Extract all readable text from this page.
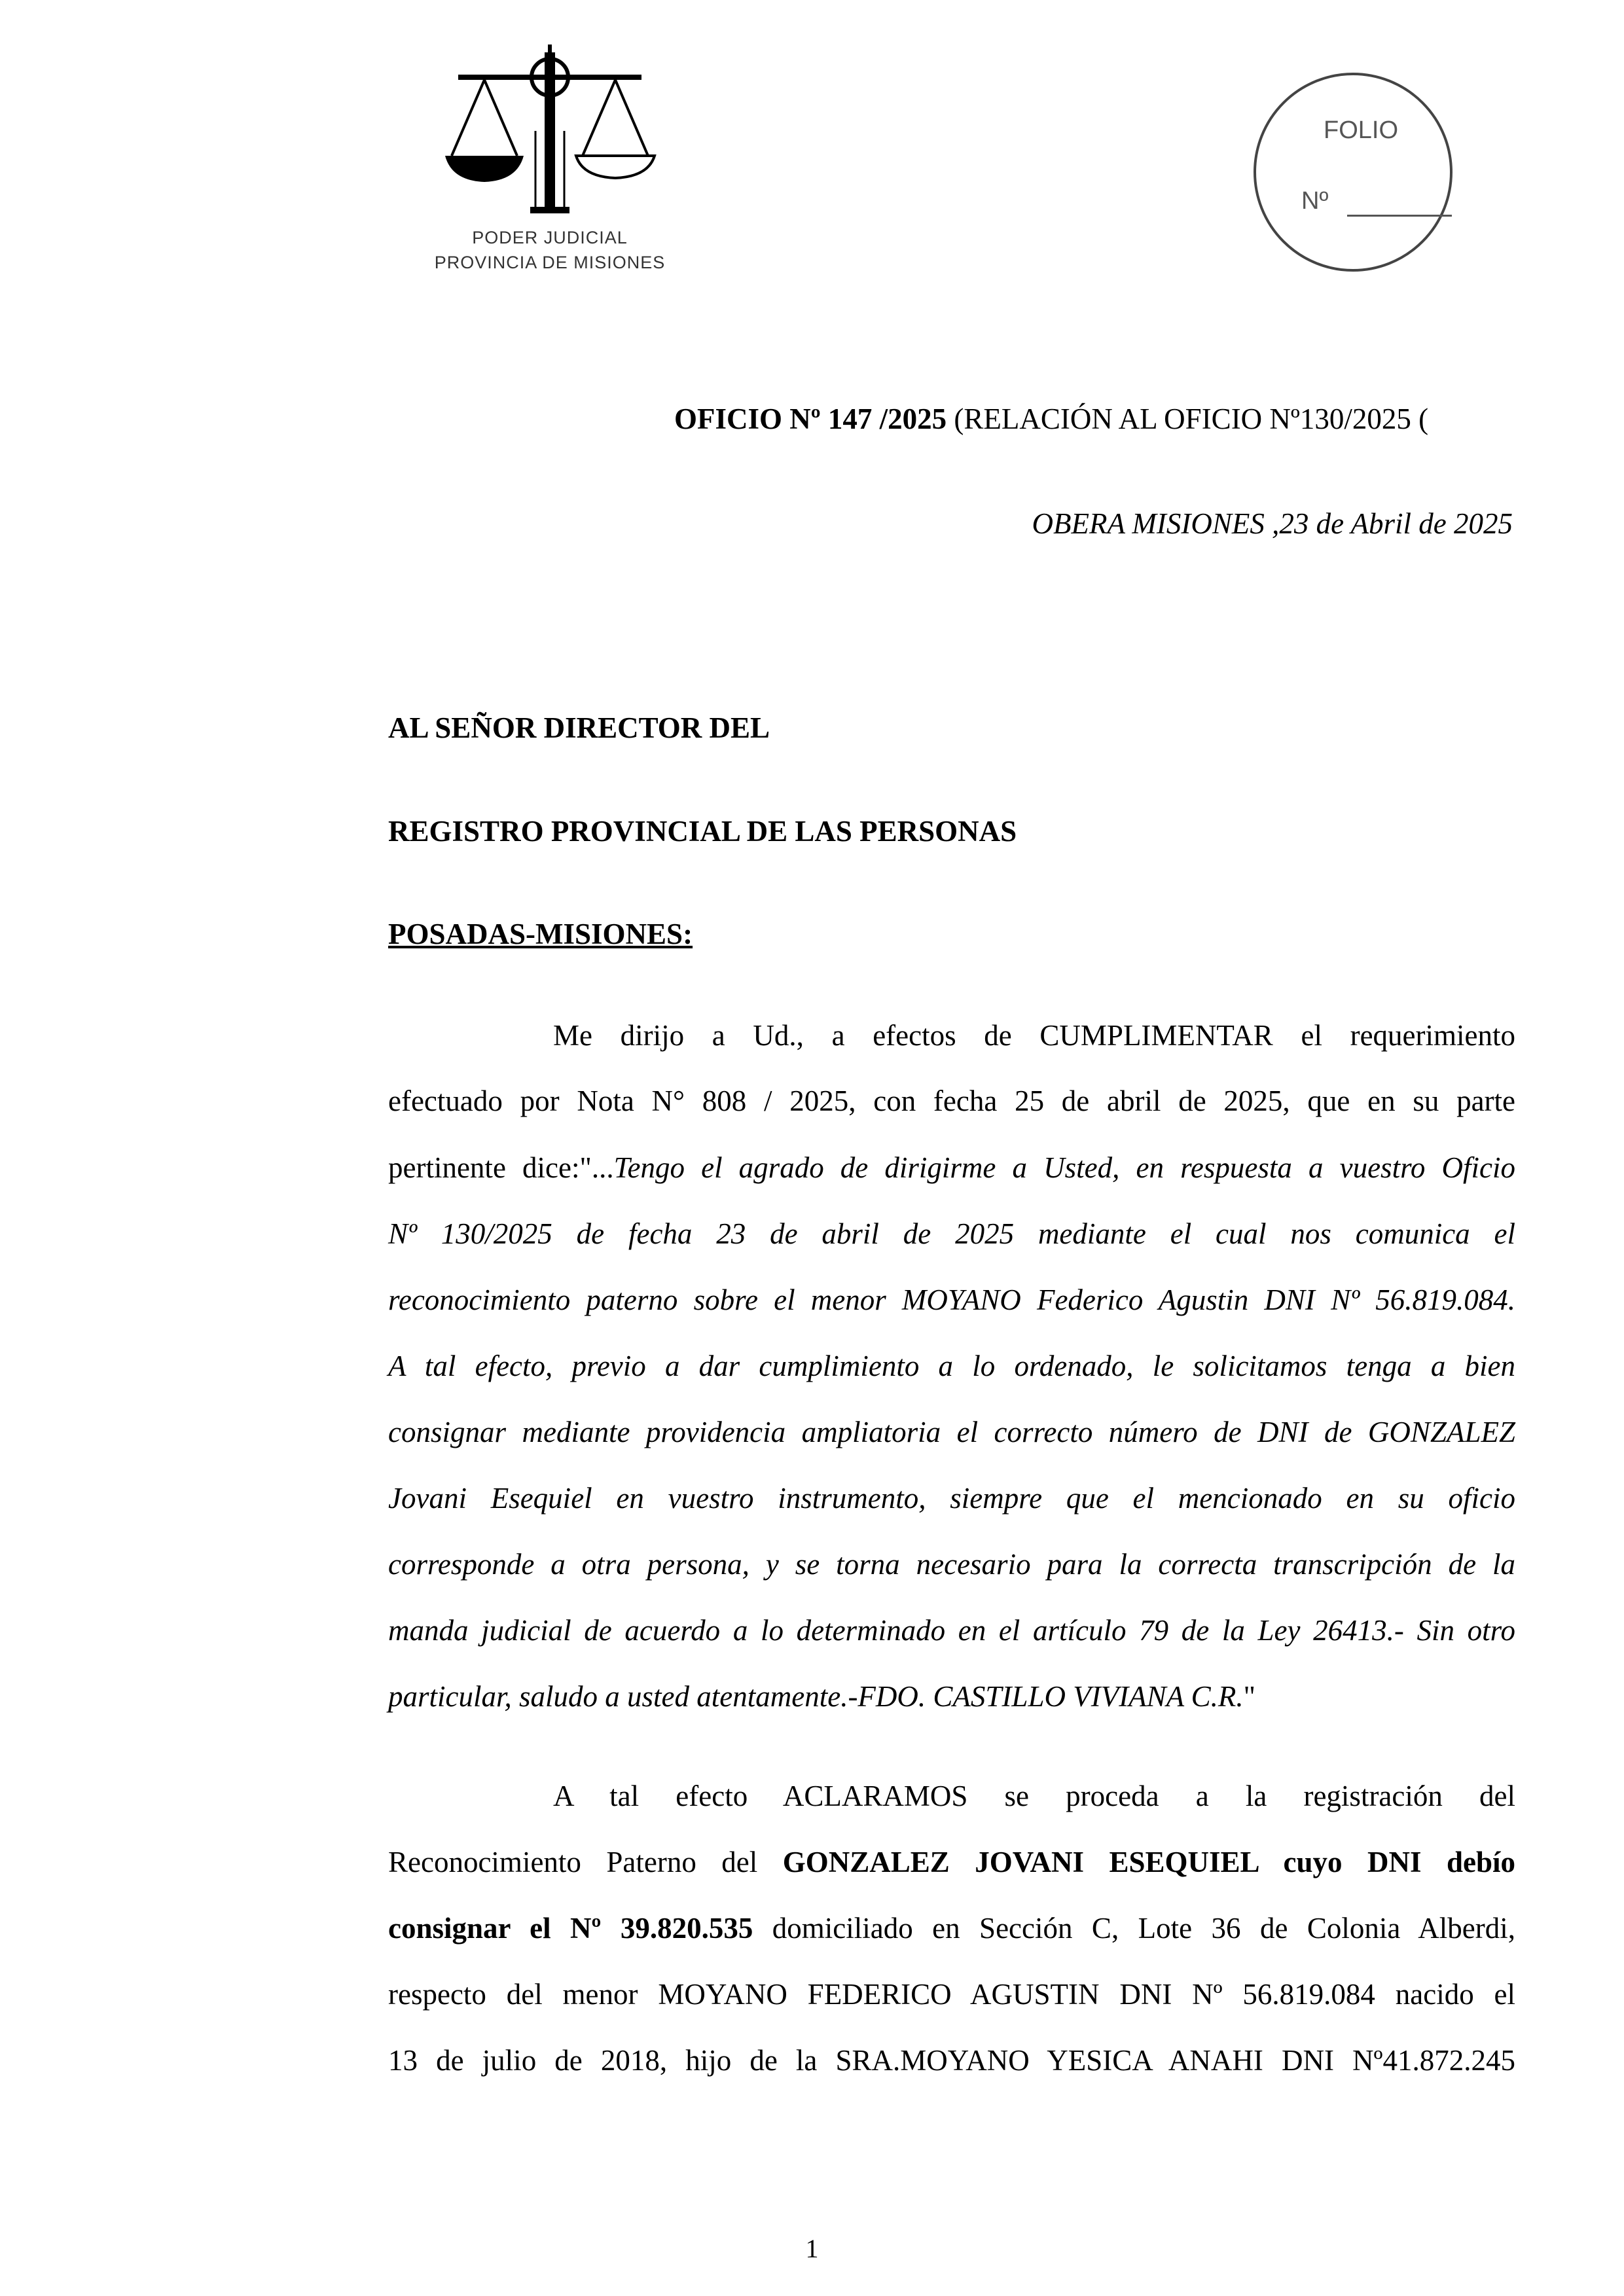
PODER JUDICIAL
PROVINCIA DE MISIONES
FOLIO
Nº
OFICIO Nº 147 /2025 (RELACIÓN AL OFICIO Nº130/2025 (
OBERA MISIONES ,23 de Abril de 2025
AL SEÑOR DIRECTOR DEL
REGISTRO PROVINCIAL DE LAS PERSONAS
POSADAS-MISIONES:
Me dirijo a Ud., a efectos de CUMPLIMENTAR el requerimiento
efectuado por Nota N° 808 / 2025, con fecha 25 de abril de 2025, que en su parte
pertinente dice:"...Tengo el agrado de dirigirme a Usted, en respuesta a vuestro Oficio
Nº 130/2025 de fecha 23 de abril de 2025 mediante el cual nos comunica el
reconocimiento paterno sobre el menor MOYANO Federico Agustin DNI Nº 56.819.084.
A tal efecto, previo a dar cumplimiento a lo ordenado, le solicitamos tenga a bien
consignar mediante providencia ampliatoria el correcto número de DNI de GONZALEZ
Jovani Esequiel en vuestro instrumento, siempre que el mencionado en su oficio
corresponde a otra persona, y se torna necesario para la correcta transcripción de la
manda judicial de acuerdo a lo determinado en el artículo 79 de la Ley 26413.- Sin otro
particular, saludo a usted atentamente.-FDO. CASTILLO VIVIANA C.R."
A tal efecto ACLARAMOS se proceda a la registración del
Reconocimiento Paterno del GONZALEZ JOVANI ESEQUIEL cuyo DNI debío
consignar el Nº 39.820.535 domiciliado en Sección C, Lote 36 de Colonia Alberdi,
respecto del menor MOYANO FEDERICO AGUSTIN DNI Nº 56.819.084 nacido el
13 de julio de 2018, hijo de la SRA.MOYANO YESICA ANAHI DNI Nº41.872.245
1
